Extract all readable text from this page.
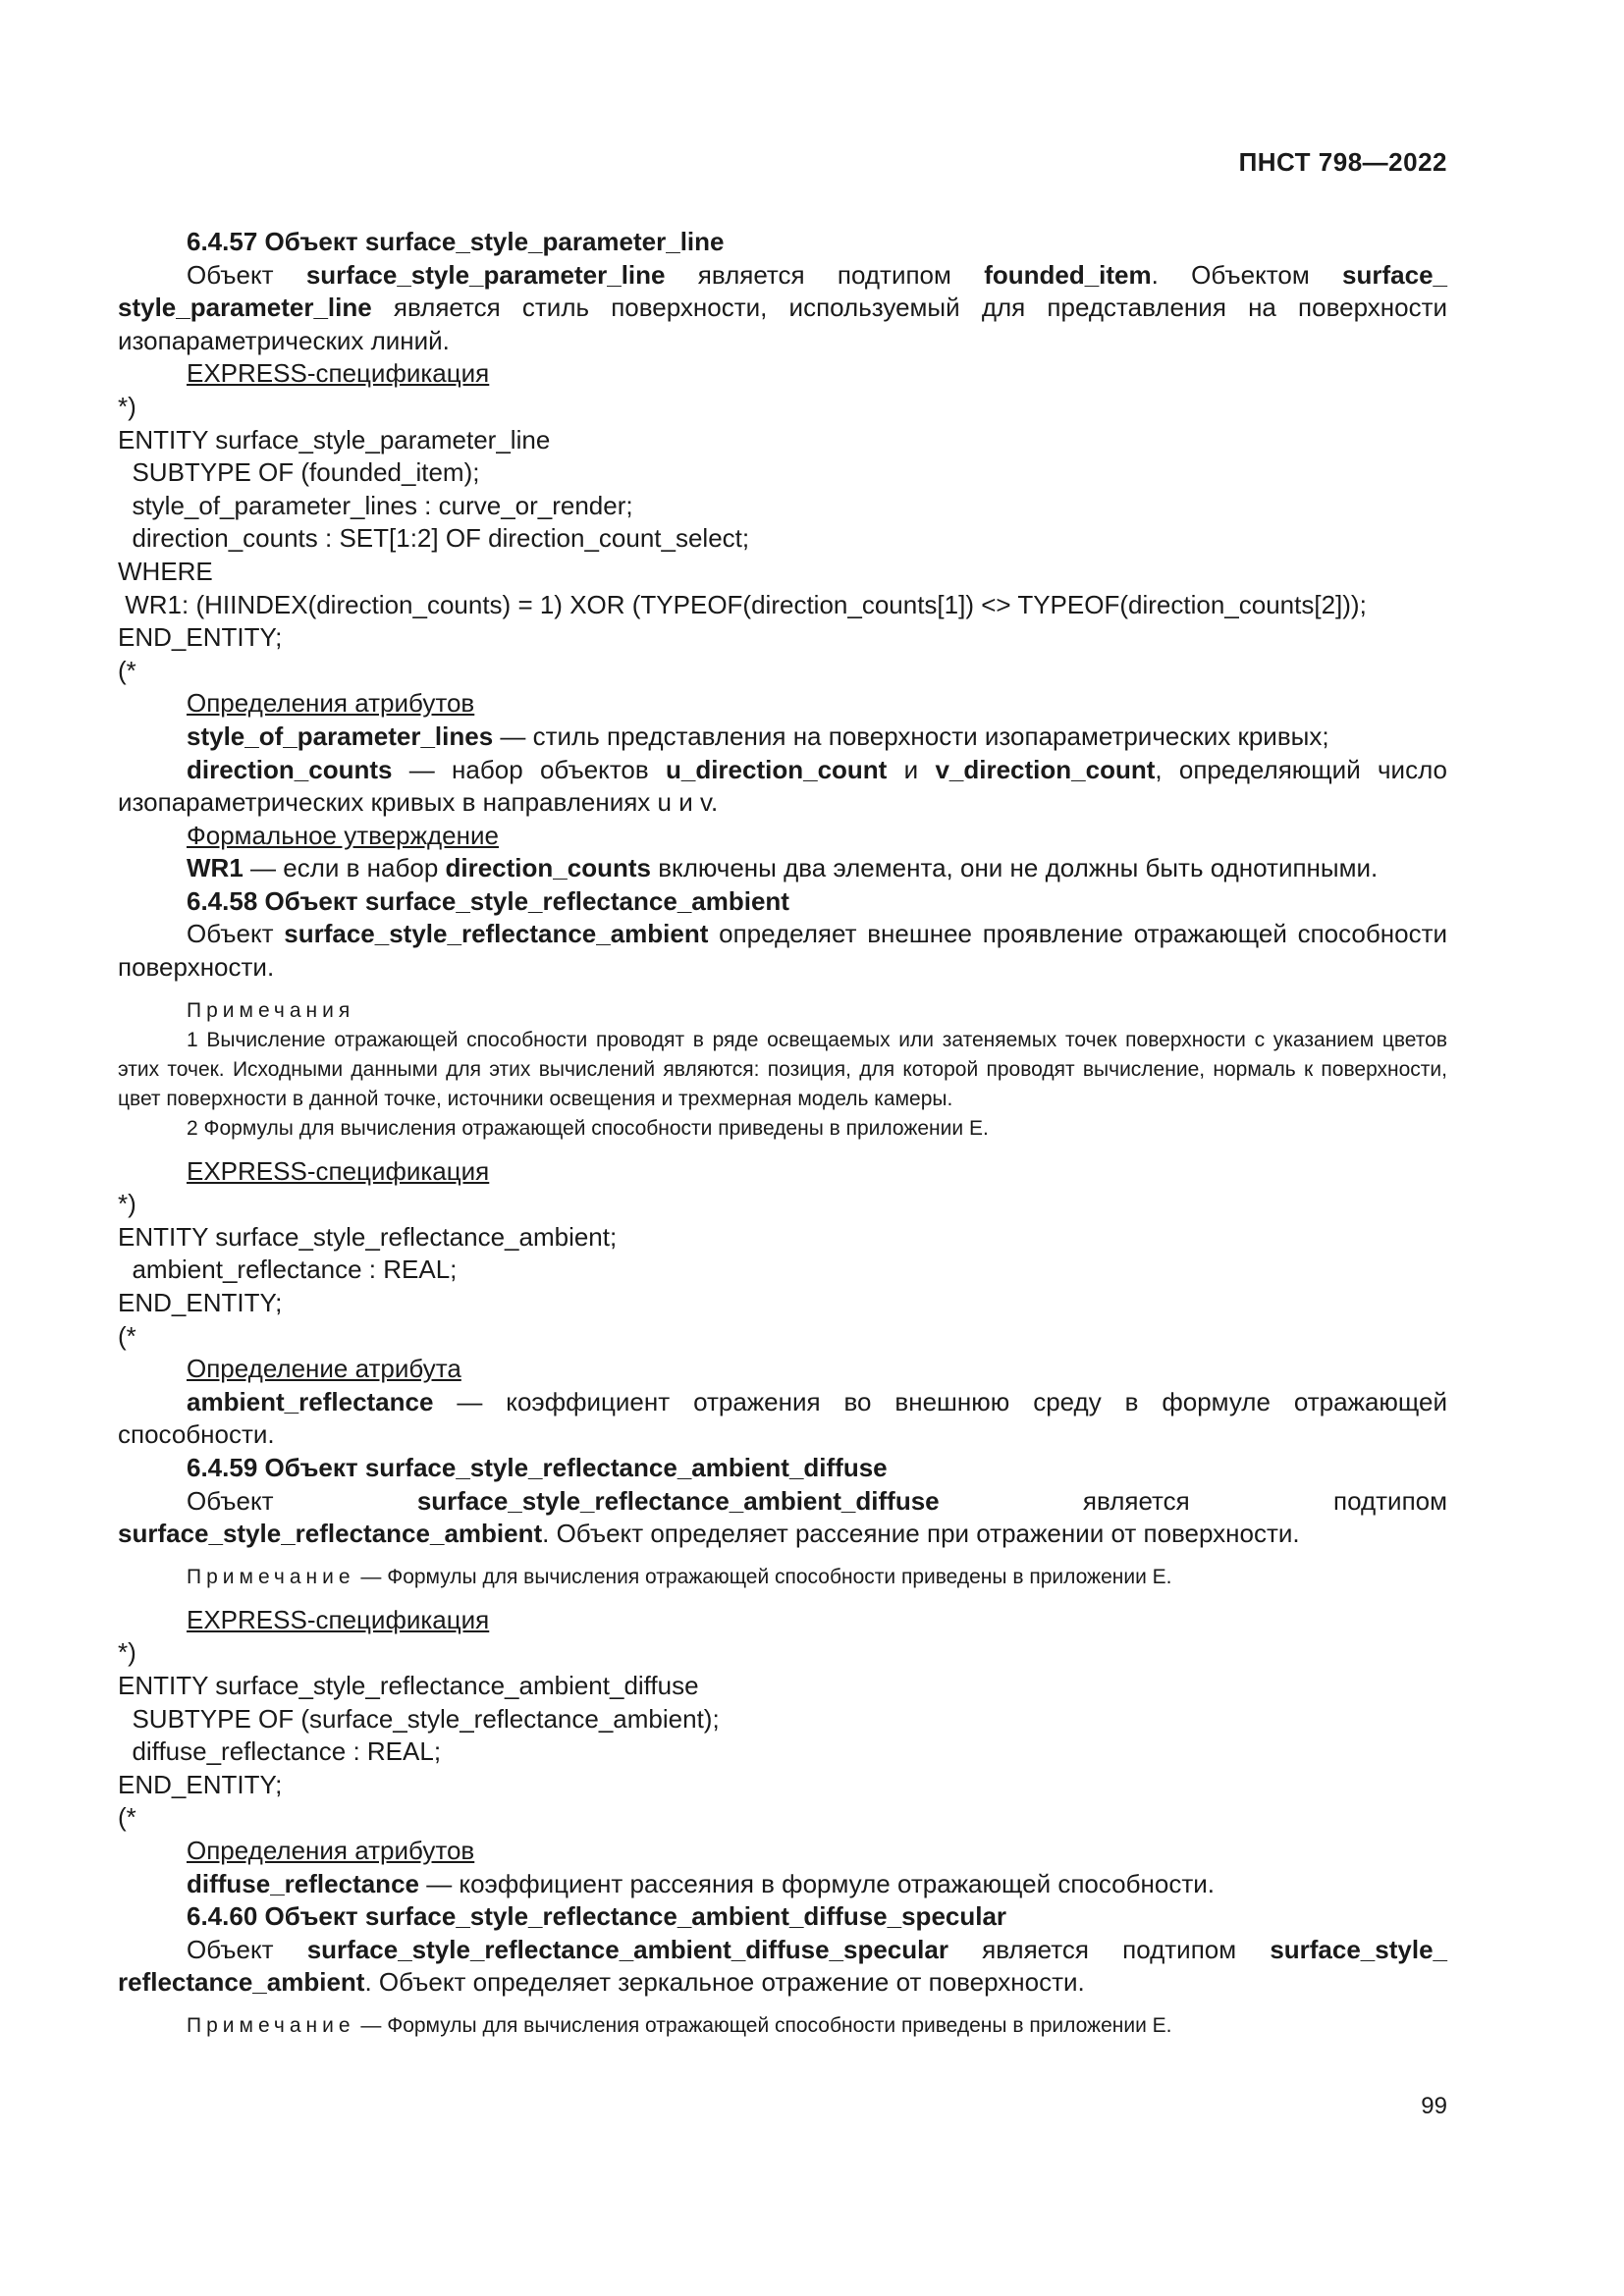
ПНСТ 798—2022

6.4.57 Объект surface_style_parameter_line

Объект surface_style_parameter_line является подтипом founded_item. Объектом surface_ style_parameter_line является стиль поверхности, используемый для представления на поверхности изопараметрических линий.

EXPRESS-спецификация

*)

ENTITY surface_style_parameter_line

SUBTYPE OF (founded_item);

style_of_parameter_lines : curve_or_render;

direction_counts : SET[1:2] OF direction_count_select;

WHERE

WR1: (HIINDEX(direction_counts) = 1) XOR (TYPEOF(direction_counts[1]) <> TYPEOF(direction_counts[2]));

END_ENTITY;

(*

Определения атрибутов

style_of_parameter_lines — стиль представления на поверхности изопараметрических кривых;

direction_counts — набор объектов u_direction_count и v_direction_count, определяющий число изопараметрических кривых в направлениях u и v.

Формальное утверждение

WR1 — если в набор direction_counts включены два элемента, они не должны быть однотипными.

6.4.58 Объект surface_style_reflectance_ambient

Объект surface_style_reflectance_ambient определяет внешнее проявление отражающей способности поверхности.

Примечания

1 Вычисление отражающей способности проводят в ряде освещаемых или затеняемых точек поверхности с указанием цветов этих точек. Исходными данными для этих вычислений являются: позиция, для которой проводят вычисление, нормаль к поверхности, цвет поверхности в данной точке, источники освещения и трехмерная модель камеры.

2 Формулы для вычисления отражающей способности приведены в приложении Е.

EXPRESS-спецификация

*)

ENTITY surface_style_reflectance_ambient;

ambient_reflectance : REAL;

END_ENTITY;

(*

Определение атрибута

ambient_reflectance — коэффициент отражения во внешнюю среду в формуле отражающей способности.

6.4.59 Объект surface_style_reflectance_ambient_diffuse

Объект surface_style_reflectance_ambient_diffuse является подтипом surface_style_reflectance_ambient. Объект определяет рассеяние при отражении от поверхности.

Примечание — Формулы для вычисления отражающей способности приведены в приложении Е.

EXPRESS-спецификация

*)

ENTITY surface_style_reflectance_ambient_diffuse

SUBTYPE OF (surface_style_reflectance_ambient);

diffuse_reflectance : REAL;

END_ENTITY;

(*

Определения атрибутов

diffuse_reflectance — коэффициент рассеяния в формуле отражающей способности.

6.4.60 Объект surface_style_reflectance_ambient_diffuse_specular

Объект surface_style_reflectance_ambient_diffuse_specular является подтипом surface_style_ reflectance_ambient. Объект определяет зеркальное отражение от поверхности.

Примечание — Формулы для вычисления отражающей способности приведены в приложении Е.

99
